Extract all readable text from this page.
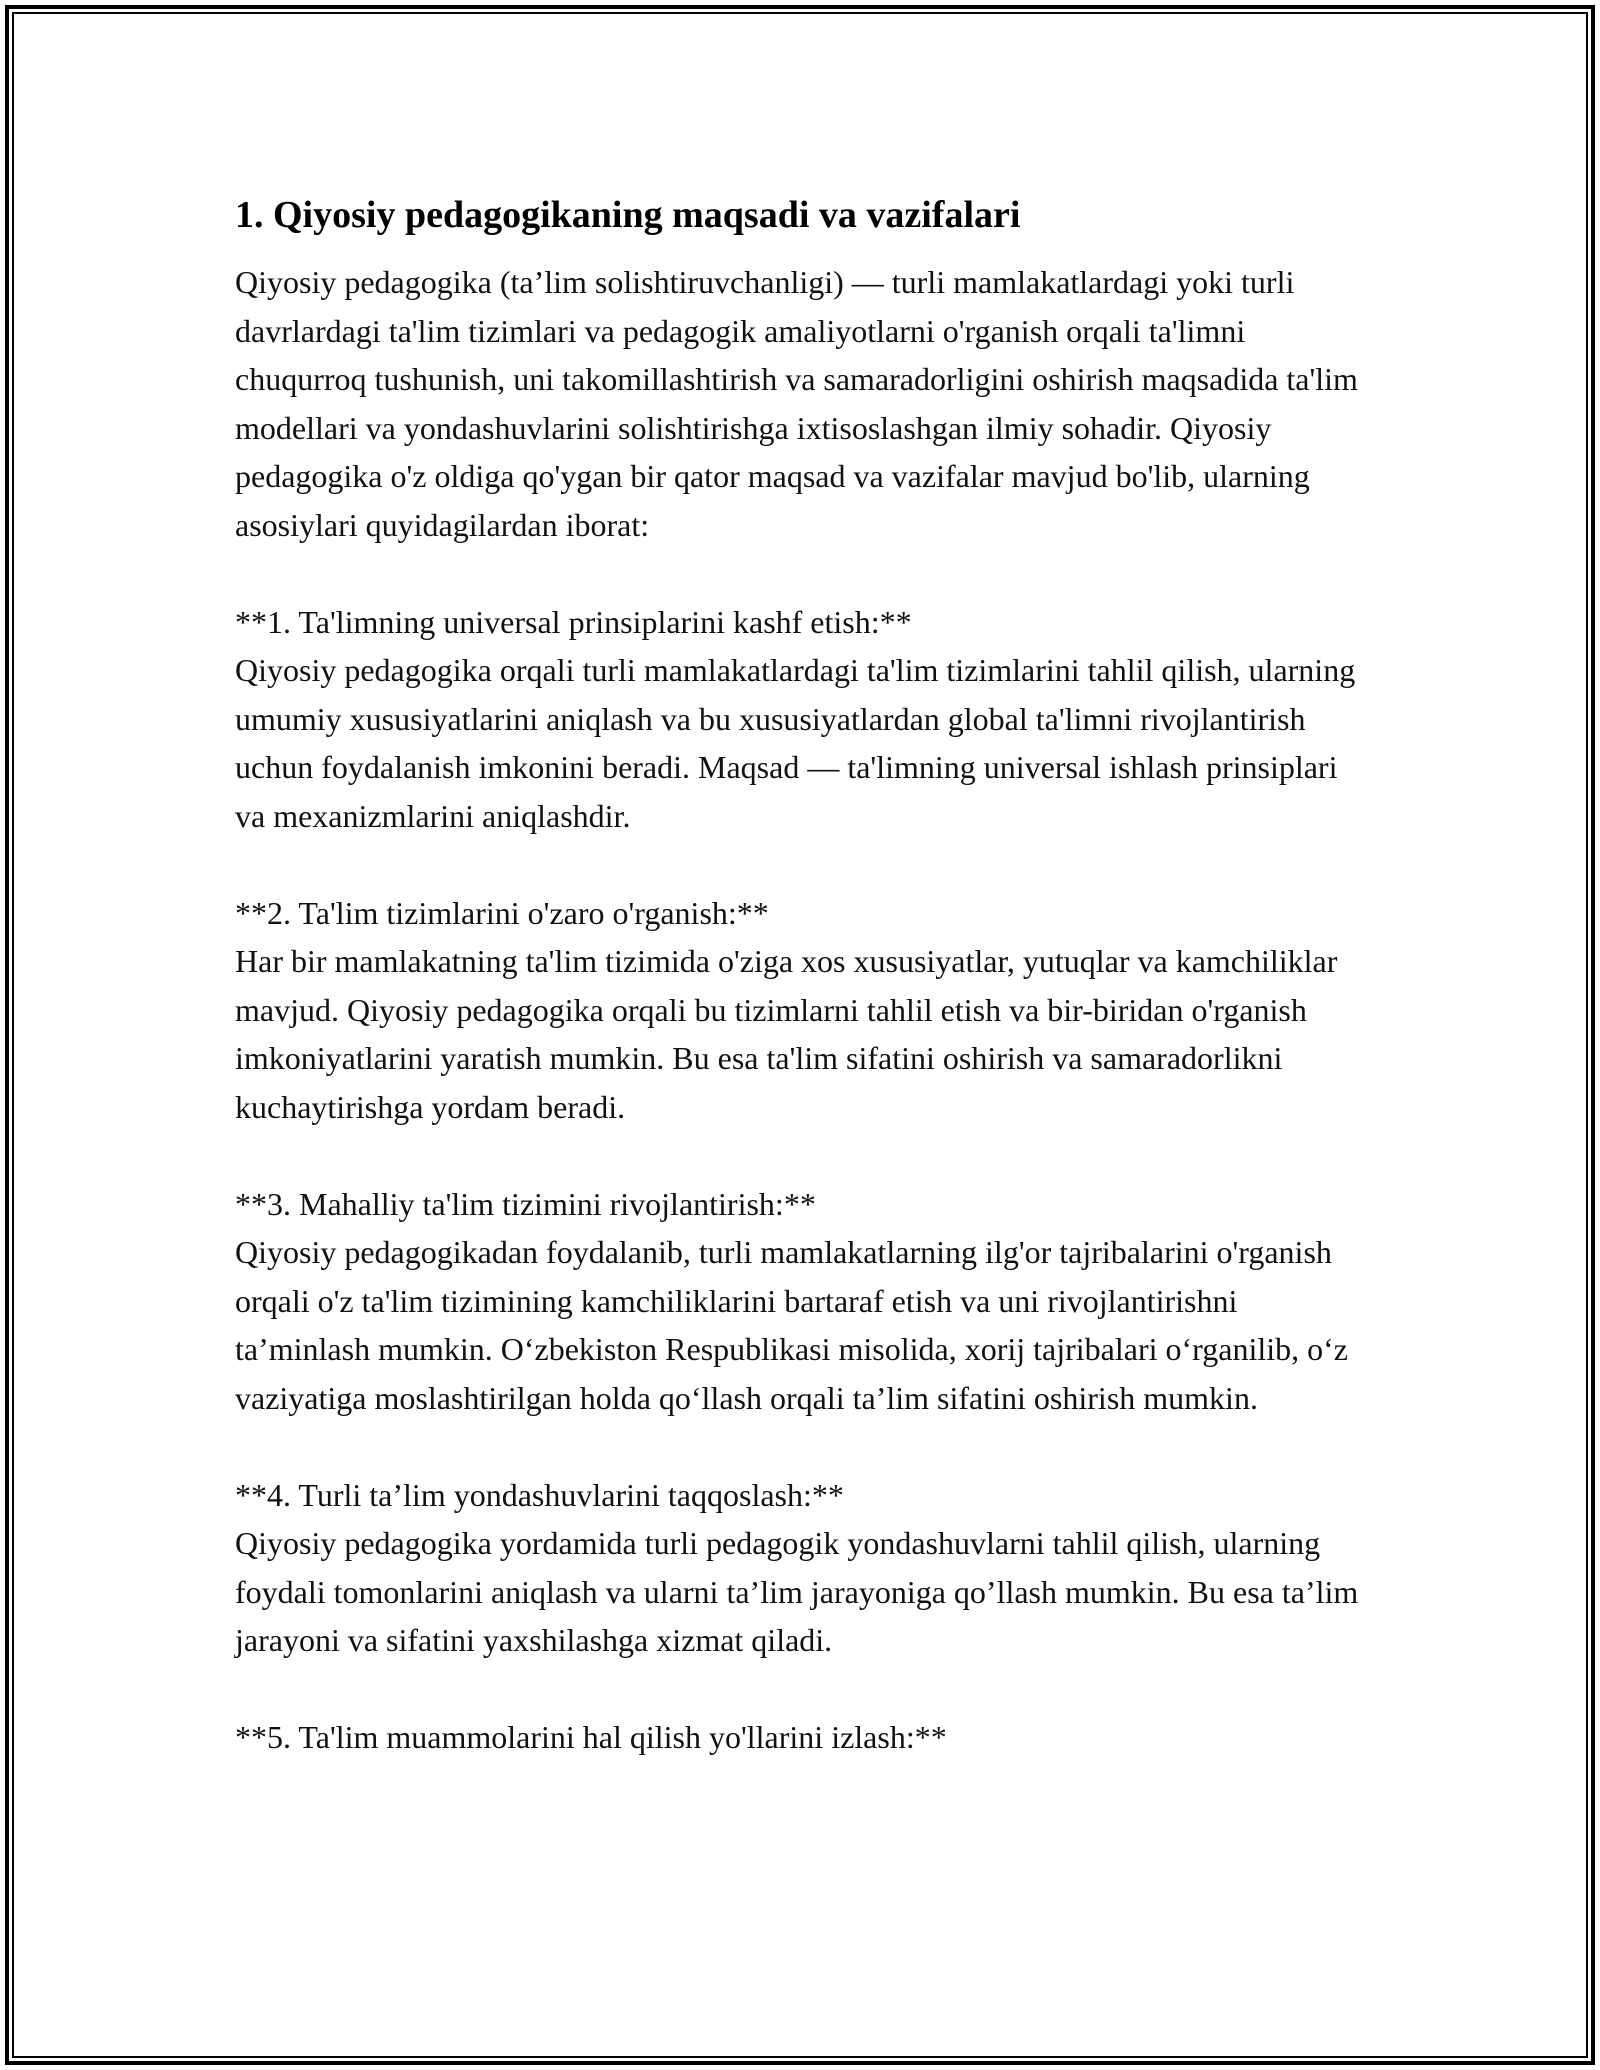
1. Qiyosiy pedagogikaning maqsadi va vazifalari

Qiyosiy pedagogika (ta’lim solishtiruvchanligi) — turli mamlakatlardagi yoki turli davrlardagi ta'lim tizimlari va pedagogik amaliyotlarni o'rganish orqali ta'limni chuqurroq tushunish, uni takomillashtirish va samaradorligini oshirish maqsadida ta'lim modellari va yondashuvlarini solishtirishga ixtisoslashgan ilmiy sohadir. Qiyosiy pedagogika o'z oldiga qo'ygan bir qator maqsad va vazifalar mavjud bo'lib, ularning asosiylari quyidagilardan iborat:

**1. Ta'limning universal prinsiplarini kashf etish:**

Qiyosiy pedagogika orqali turli mamlakatlardagi ta'lim tizimlarini tahlil qilish, ularning umumiy xususiyatlarini aniqlash va bu xususiyatlardan global ta'limni rivojlantirish uchun foydalanish imkonini beradi. Maqsad — ta'limning universal ishlash prinsiplari va mexanizmlarini aniqlashdir.

**2. Ta'lim tizimlarini o'zaro o'rganish:**

Har bir mamlakatning ta'lim tizimida o'ziga xos xususiyatlar, yutuqlar va kamchiliklar mavjud. Qiyosiy pedagogika orqali bu tizimlarni tahlil etish va bir-biridan o'rganish imkoniyatlarini yaratish mumkin. Bu esa ta'lim sifatini oshirish va samaradorlikni kuchaytirishga yordam beradi.

**3. Mahalliy ta'lim tizimini rivojlantirish:**

Qiyosiy pedagogikadan foydalanib, turli mamlakatlarning ilg'or tajribalarini o'rganish orqali o'z ta'lim tizimining kamchiliklarini bartaraf etish va uni rivojlantirishni ta’minlash mumkin. O‘zbekiston Respublikasi misolida, xorij tajribalari o‘rganilib, o‘z vaziyatiga moslashtirilgan holda qo‘llash orqali ta’lim sifatini oshirish mumkin.

**4. Turli ta’lim yondashuvlarini taqqoslash:**

Qiyosiy pedagogika yordamida turli pedagogik yondashuvlarni tahlil qilish, ularning foydali tomonlarini aniqlash va ularni ta’lim jarayoniga qo’llash mumkin. Bu esa ta’lim jarayoni va sifatini yaxshilashga xizmat qiladi.

**5. Ta'lim muammolarini hal qilish yo'llarini izlash:**
